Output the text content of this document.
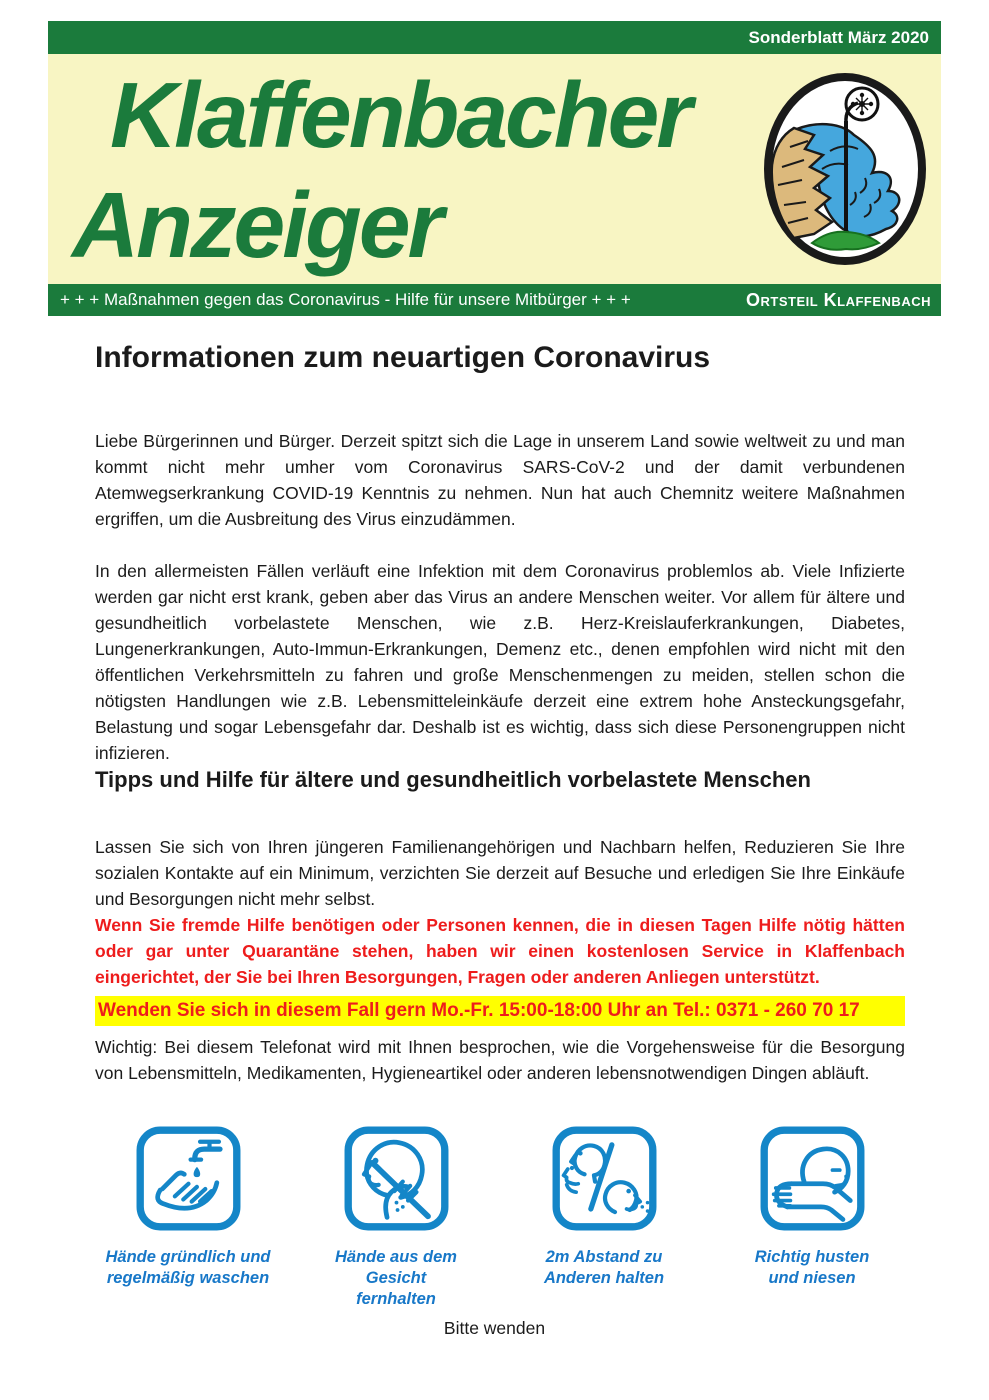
Sonderblatt März 2020
Klaffenbacher
Anzeiger
+ + + Maßnahmen gegen das Coronavirus - Hilfe für unsere Mitbürger + + +	Ortsteil Klaffenbach
Informationen zum neuartigen Coronavirus

Liebe Bürgerinnen und Bürger. Derzeit spitzt sich die Lage in unserem Land sowie weltweit zu und man kommt nicht mehr umher vom Coronavirus SARS-CoV-2 und der damit verbundenen Atemwegserkrankung COVID-19 Kenntnis zu nehmen. Nun hat auch Chemnitz weitere Maßnahmen ergriffen, um die Ausbreitung des Virus einzudämmen.

In den allermeisten Fällen verläuft eine Infektion mit dem Coronavirus problemlos ab. Viele Infizierte werden gar nicht erst krank, geben aber das Virus an andere Menschen weiter. Vor allem für ältere und gesundheitlich vorbelastete Menschen, wie z.B. Herz-Kreislauferkrankungen, Diabetes, Lungenerkrankungen, Auto-Immun-Erkrankungen, Demenz etc., denen empfohlen wird nicht mit den öffentlichen Verkehrsmitteln zu fahren und große Menschenmengen zu meiden, stellen schon die nötigsten Handlungen wie z.B. Lebensmitteleinkäufe derzeit eine extrem hohe Ansteckungsgefahr, Belastung und sogar Lebensgefahr dar. Deshalb ist es wichtig, dass sich diese Personengruppen nicht infizieren.

Tipps und Hilfe für ältere und gesundheitlich vorbelastete Menschen

Lassen Sie sich von Ihren jüngeren Familienangehörigen und Nachbarn helfen, Reduzieren Sie Ihre sozialen Kontakte auf ein Minimum, verzichten Sie derzeit auf Besuche und erledigen Sie Ihre Einkäufe und Besorgungen nicht mehr selbst.

Wenn Sie fremde Hilfe benötigen oder Personen kennen, die in diesen Tagen Hilfe nötig hätten oder gar unter Quarantäne stehen, haben wir einen kostenlosen Service in Klaffenbach eingerichtet, der Sie bei Ihren Besorgungen, Fragen oder anderen Anliegen unterstützt.

Wenden Sie sich in diesem Fall gern Mo.-Fr. 15:00-18:00 Uhr an Tel.: 0371 - 260 70 17

Wichtig: Bei diesem Telefonat wird mit Ihnen besprochen, wie die Vorgehensweise für die Besorgung von Lebensmitteln, Medikamenten, Hygieneartikel oder anderen lebensnotwendigen Dingen abläuft.

Hände gründlich und
regelmäßig waschen
Hände aus dem Gesicht
fernhalten
2m Abstand zu
Anderen halten
Richtig husten
und niesen
Bitte wenden
